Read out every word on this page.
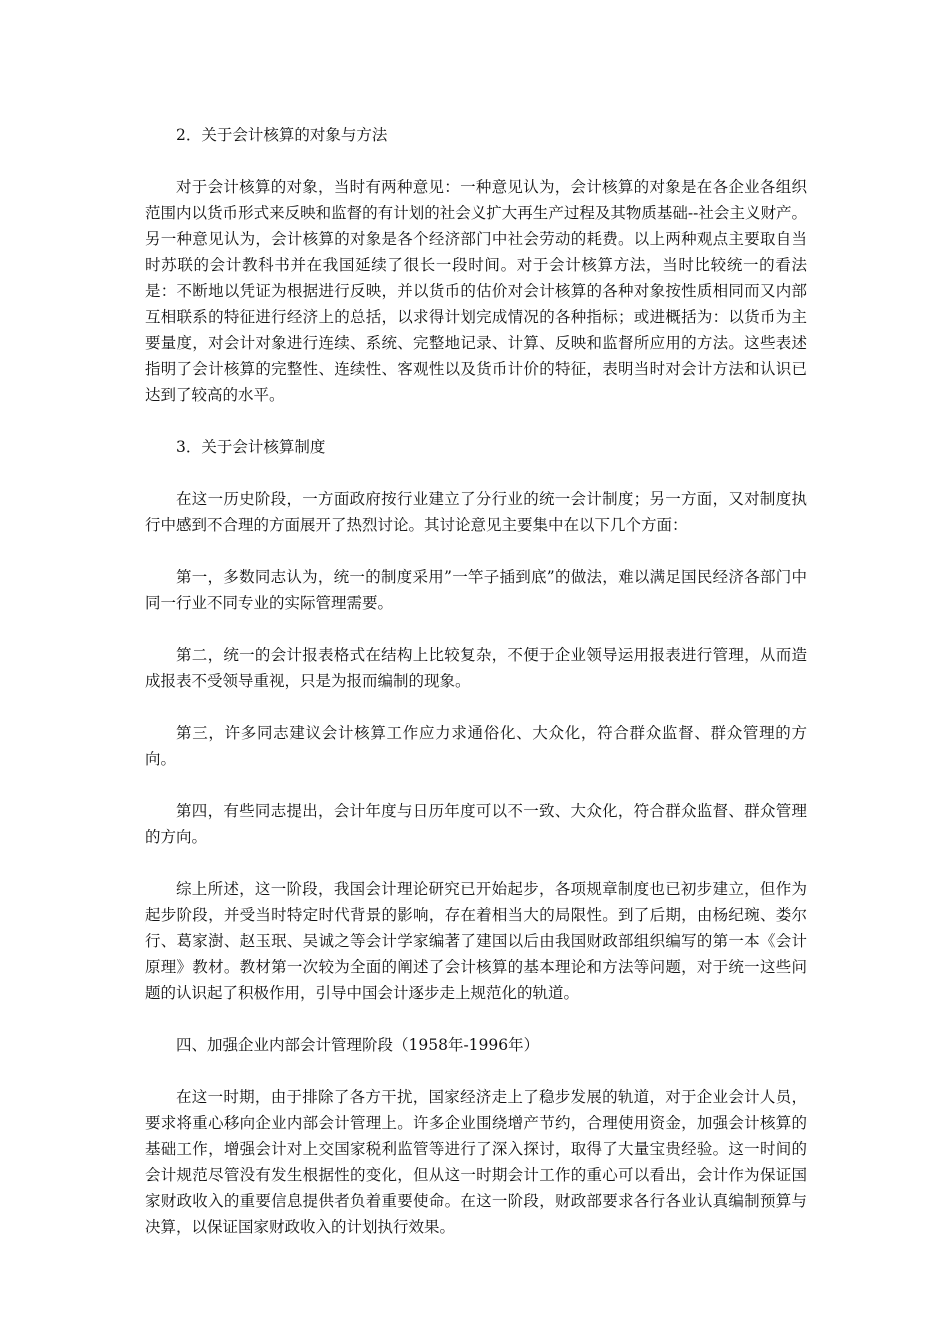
2．关于会计核算的对象与方法

对于会计核算的对象，当时有两种意见：一种意见认为，会计核算的对象是在各企业各组织范围内以货币形式来反映和监督的有计划的社会义扩大再生产过程及其物质基础--社会主义财产。另一种意见认为，会计核算的对象是各个经济部门中社会劳动的耗费。以上两种观点主要取自当时苏联的会计教科书并在我国延续了很长一段时间。对于会计核算方法，当时比较统一的看法是：不断地以凭证为根据进行反映，并以货币的估价对会计核算的各种对象按性质相同而又内部互相联系的特征进行经济上的总括，以求得计划完成情况的各种指标；或进概括为：以货币为主要量度，对会计对象进行连续、系统、完整地记录、计算、反映和监督所应用的方法。这些表述指明了会计核算的完整性、连续性、客观性以及货币计价的特征，表明当时对会计方法和认识已达到了较高的水平。

3．关于会计核算制度

在这一历史阶段，一方面政府按行业建立了分行业的统一会计制度；另一方面，又对制度执行中感到不合理的方面展开了热烈讨论。其讨论意见主要集中在以下几个方面：

第一，多数同志认为，统一的制度采用”一竿子插到底”的做法，难以满足国民经济各部门中同一行业不同专业的实际管理需要。

第二，统一的会计报表格式在结构上比较复杂，不便于企业领导运用报表进行管理，从而造成报表不受领导重视，只是为报而编制的现象。

第三，许多同志建议会计核算工作应力求通俗化、大众化，符合群众监督、群众管理的方向。

第四，有些同志提出，会计年度与日历年度可以不一致、大众化，符合群众监督、群众管理的方向。

综上所述，这一阶段，我国会计理论研究已开始起步，各项规章制度也已初步建立，但作为起步阶段，并受当时特定时代背景的影响，存在着相当大的局限性。到了后期，由杨纪琬、娄尔行、葛家澍、赵玉珉、吴诚之等会计学家编著了建国以后由我国财政部组织编写的第一本《会计原理》教材。教材第一次较为全面的阐述了会计核算的基本理论和方法等问题，对于统一这些问题的认识起了积极作用，引导中国会计逐步走上规范化的轨道。

四、加强企业内部会计管理阶段（1958年-1996年）

在这一时期，由于排除了各方干扰，国家经济走上了稳步发展的轨道，对于企业会计人员，要求将重心移向企业内部会计管理上。许多企业围绕增产节约，合理使用资金，加强会计核算的基础工作，增强会计对上交国家税利监管等进行了深入探讨，取得了大量宝贵经验。这一时间的会计规范尽管没有发生根据性的变化，但从这一时期会计工作的重心可以看出，会计作为保证国家财政收入的重要信息提供者负着重要使命。在这一阶段，财政部要求各行各业认真编制预算与决算，以保证国家财政收入的计划执行效果。
